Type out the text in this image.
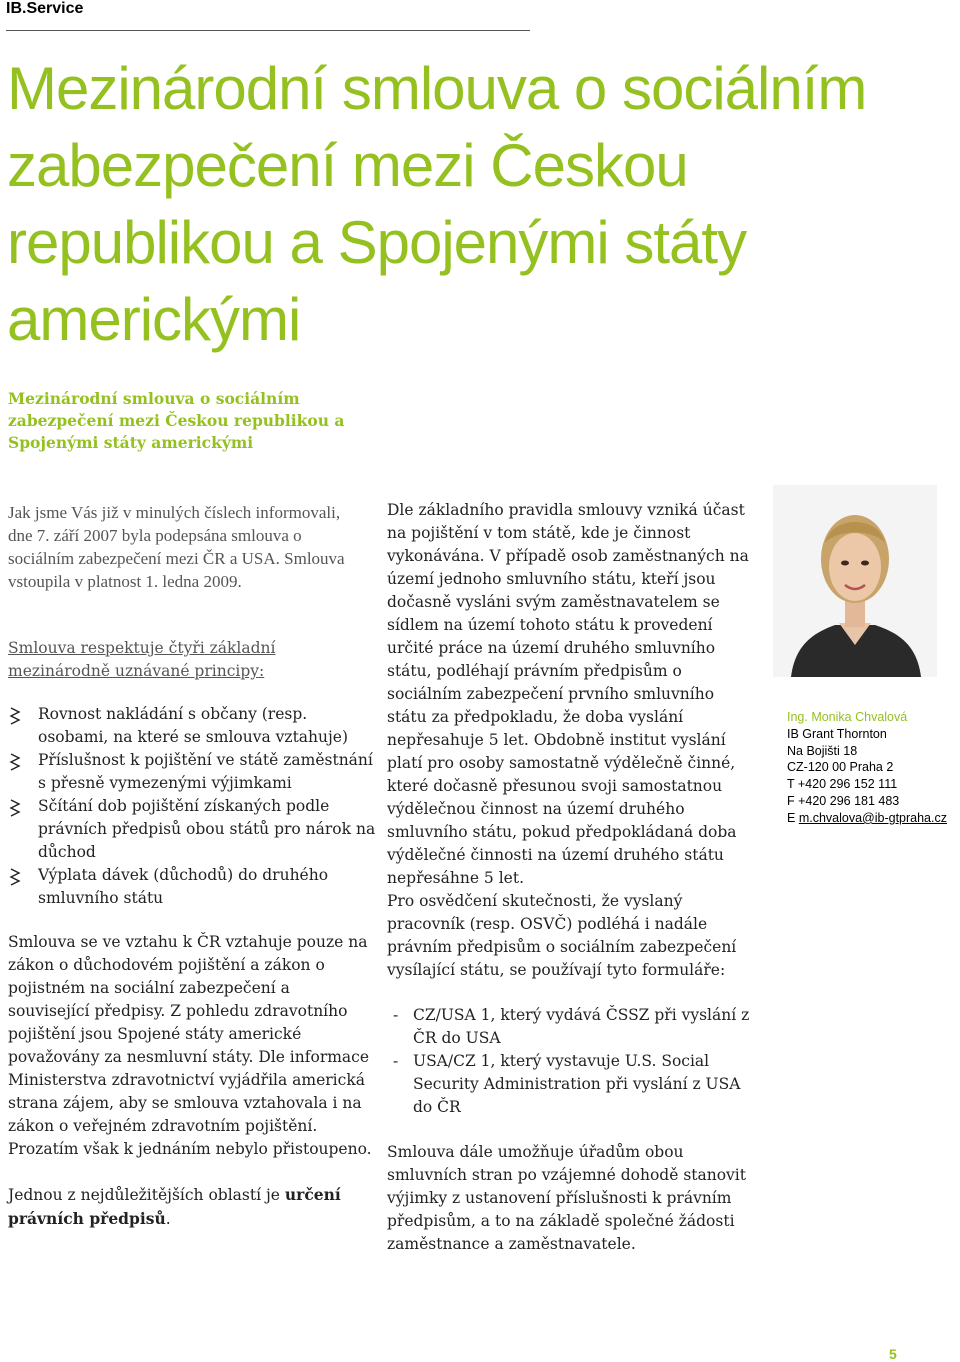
IB.Service
Mezinárodní smlouva o sociálním zabezpečení mezi Českou republikou a Spojenými státy americkými
Mezinárodní smlouva o sociálním zabezpečení mezi Českou republikou a Spojenými státy americkými

Jak jsme Vás již v minulých číslech informovali, dne 7. září 2007 byla podepsána smlouva o sociálním zabezpečení mezi ČR a USA. Smlouva vstoupila v platnost 1. ledna 2009.

Smlouva respektuje čtyři základní mezinárodně uznávané principy:
Rovnost nakládání s občany (resp. osobami, na které se smlouva vztahuje)
Příslušnost k pojištění ve státě zaměstnání s přesně vymezenými výjimkami
Sčítání dob pojištění získaných podle právních předpisů obou států pro nárok na důchod
Výplata dávek (důchodů) do druhého smluvního státu

Smlouva se ve vztahu k ČR vztahuje pouze na zákon o důchodovém pojištění a zákon o pojistném na sociální zabezpečení a související předpisy. Z pohledu zdravotního pojištění jsou Spojené státy americké považovány za nesmluvní státy. Dle informace Ministerstva zdravotnictví vyjádřila americká strana zájem, aby se smlouva vztahovala i na zákon o veřejném zdravotním pojištění. Prozatím však k jednáním nebylo přistoupeno.

Jednou z nejdůležitějších oblastí je určení právních předpisů.

Dle základního pravidla smlouvy vzniká účast na pojištění v tom státě, kde je činnost vykonávána. V případě osob zaměstnaných na území jednoho smluvního státu, kteří jsou dočasně vysláni svým zaměstnavatelem se sídlem na území tohoto státu k provedení určité práce na území druhého smluvního státu, podléhají právním předpisům o sociálním zabezpečení prvního smluvního státu za předpokladu, že doba vyslání nepřesahuje 5 let. Obdobně institut vyslání platí pro osoby samostatně výdělečně činné, které dočasně přesunou svoji samostatnou výdělečnou činnost na území druhého smluvního státu, pokud předpokládaná doba výdělečné činnosti na území druhého státu nepřesáhne 5 let.

Pro osvědčení skutečnosti, že vyslaný pracovník (resp. OSVČ) podléhá i nadále právním předpisům o sociálním zabezpečení vysílající státu, se používají tyto formuláře:

- CZ/USA 1, který vydává ČSSZ při vyslání z ČR do USA
- USA/CZ 1, který vystavuje U.S. Social Security Administration při vyslání z USA do ČR

Smlouva dále umožňuje úřadům obou smluvních stran po vzájemné dohodě stanovit výjimky z ustanovení příslušnosti k právním předpisům, a to na základě společné žádosti zaměstnance a zaměstnavatele.

Ing. Monika Chvalová
IB Grant Thornton
Na Bojišti 18
CZ-120 00 Praha 2
T +420 296 152 111
F +420 296 181 483
E m.chvalova@ib-gtpraha.cz
5
